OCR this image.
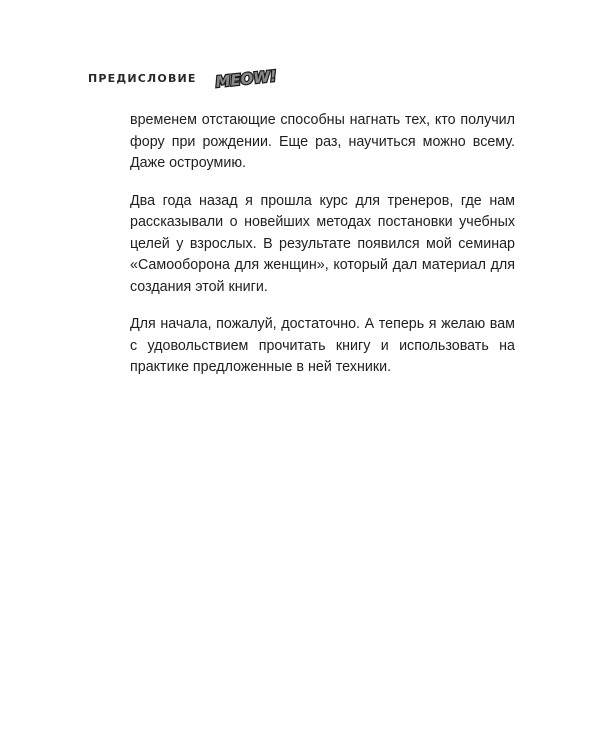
ПРЕДИСЛОВИЕ MEOW!

временем отстающие способны нагнать тех, кто получил фору при рождении. Еще раз, научиться можно всему. Даже остроумию.

Два года назад я прошла курс для тренеров, где нам рассказывали о новейших методах постановки учебных целей у взрослых. В результате появился мой семинар «Самооборона для женщин», который дал материал для создания этой книги.

Для начала, пожалуй, достаточно. А теперь я желаю вам с удовольствием прочитать книгу и использовать на практике предложенные в ней техники.
